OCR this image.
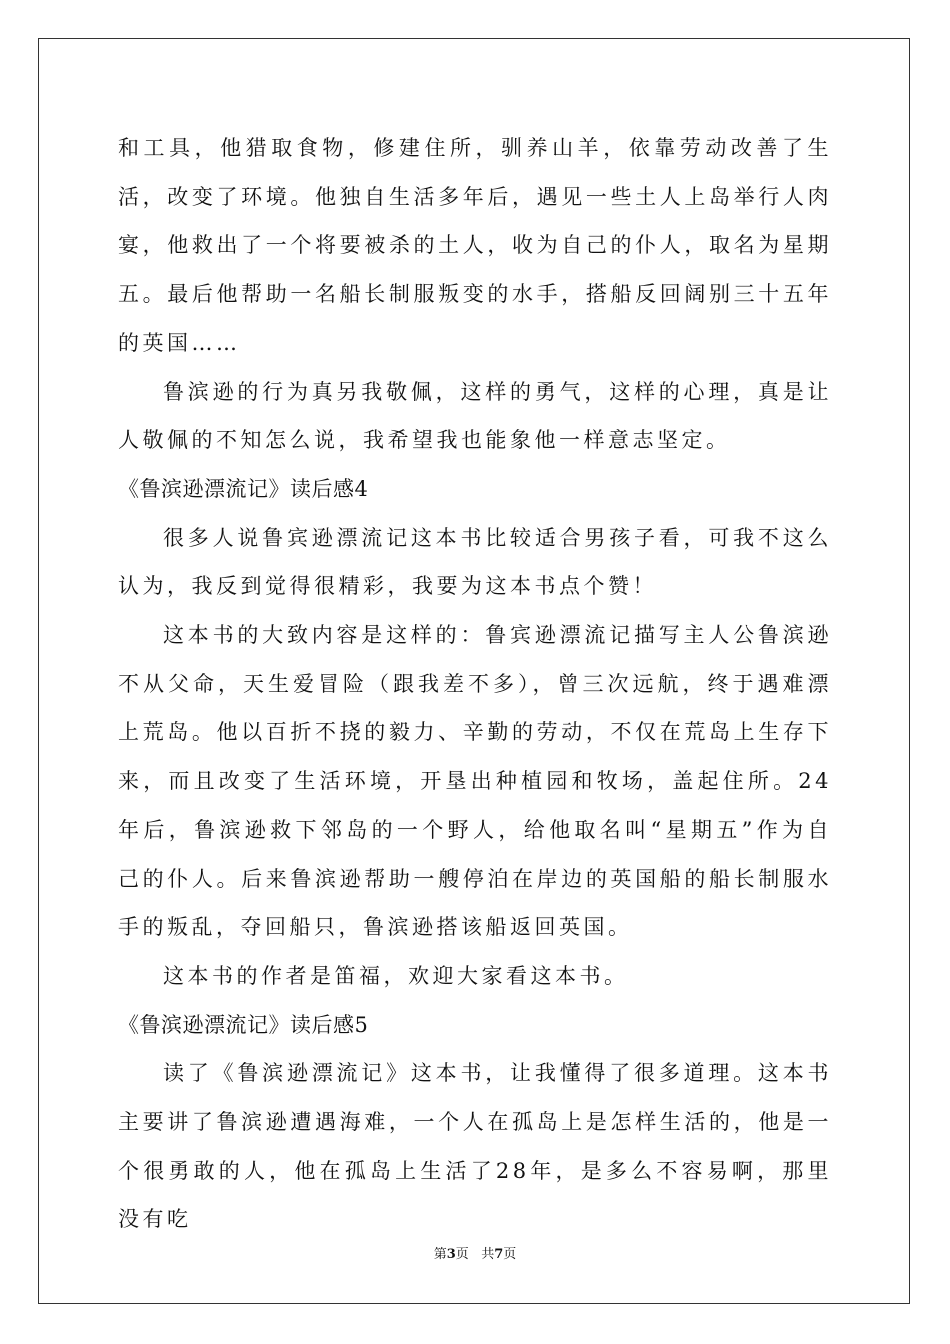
和工具，他猎取食物，修建住所，驯养山羊，依靠劳动改善了生活，改变了环境。他独自生活多年后，遇见一些土人上岛举行人肉宴，他救出了一个将要被杀的土人，收为自己的仆人，取名为星期五。最后他帮助一名船长制服叛变的水手，搭船反回阔别三十五年的英国……

鲁滨逊的行为真另我敬佩，这样的勇气，这样的心理，真是让人敬佩的不知怎么说，我希望我也能象他一样意志坚定。

《鲁滨逊漂流记》读后感4

很多人说鲁宾逊漂流记这本书比较适合男孩子看，可我不这么认为，我反到觉得很精彩，我要为这本书点个赞！

这本书的大致内容是这样的：鲁宾逊漂流记描写主人公鲁滨逊不从父命，天生爱冒险（跟我差不多），曾三次远航，终于遇难漂上荒岛。他以百折不挠的毅力、辛勤的劳动，不仅在荒岛上生存下来，而且改变了生活环境，开垦出种植园和牧场，盖起住所。24年后，鲁滨逊救下邻岛的一个野人，给他取名叫“星期五”作为自己的仆人。后来鲁滨逊帮助一艘停泊在岸边的英国船的船长制服水手的叛乱，夺回船只，鲁滨逊搭该船返回英国。

这本书的作者是笛福，欢迎大家看这本书。

《鲁滨逊漂流记》读后感5

读了《鲁滨逊漂流记》这本书，让我懂得了很多道理。这本书主要讲了鲁滨逊遭遇海难，一个人在孤岛上是怎样生活的，他是一个很勇敢的人，他在孤岛上生活了28年，是多么不容易啊，那里没有吃

第3页 共7页
